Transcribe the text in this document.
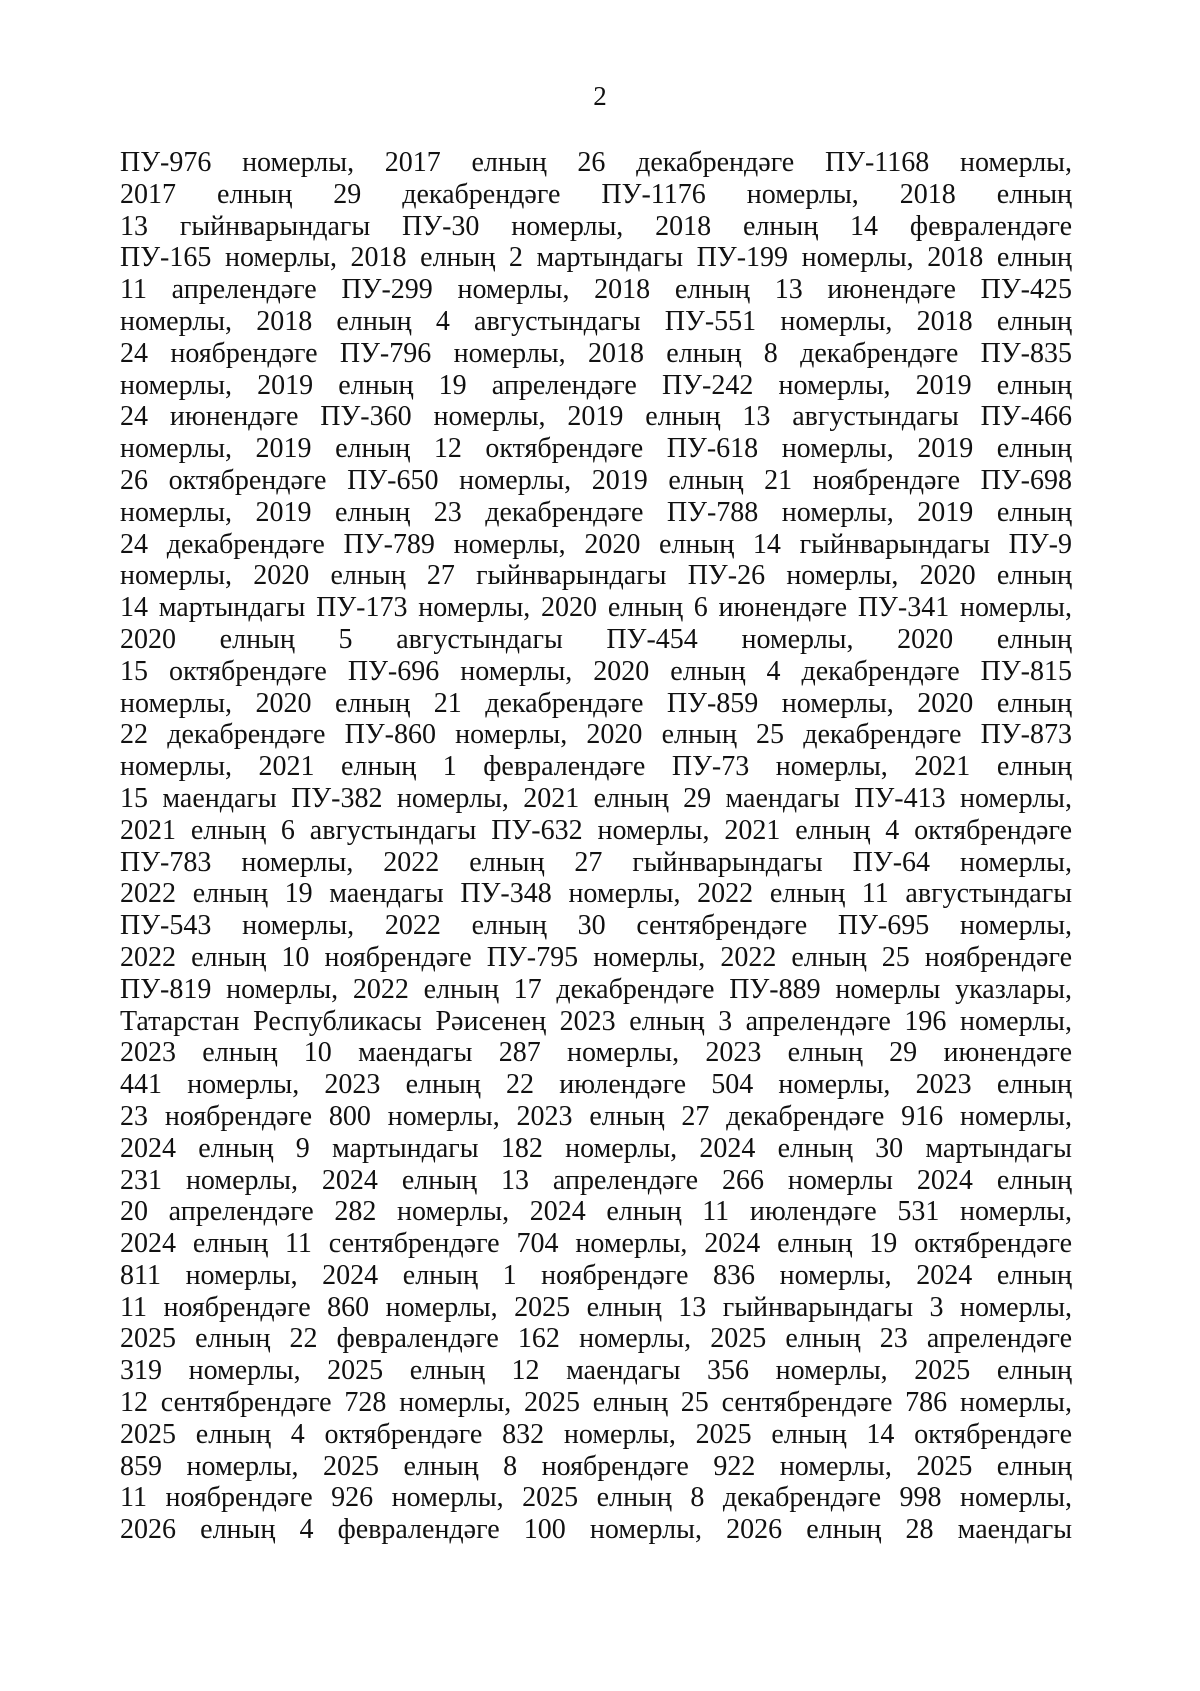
2
ПУ-976 номерлы, 2017 елның 26 декабрендәге ПУ-1168 номерлы,
2017 елның 29 декабрендәге ПУ-1176 номерлы, 2018 елның
13 гыйнварындагы ПУ-30 номерлы, 2018 елның 14 февралендәге
ПУ-165 номерлы, 2018 елның 2 мартындагы ПУ-199 номерлы, 2018 елның
11 апрелендәге ПУ-299 номерлы, 2018 елның 13 июнендәге ПУ-425
номерлы, 2018 елның 4 августындагы ПУ-551 номерлы, 2018 елның
24 ноябрендәге ПУ-796 номерлы, 2018 елның 8 декабрендәге ПУ-835
номерлы, 2019 елның 19 апрелендәге ПУ-242 номерлы, 2019 елның
24 июнендәге ПУ-360 номерлы, 2019 елның 13 августындагы ПУ-466
номерлы, 2019 елның 12 октябрендәге ПУ-618 номерлы, 2019 елның
26 октябрендәге ПУ-650 номерлы, 2019 елның 21 ноябрендәге ПУ-698
номерлы, 2019 елның 23 декабрендәге ПУ-788 номерлы, 2019 елның
24 декабрендәге ПУ-789 номерлы, 2020 елның 14 гыйнварындагы ПУ-9
номерлы, 2020 елның 27 гыйнварындагы ПУ-26 номерлы, 2020 елның
14 мартындагы ПУ-173 номерлы, 2020 елның 6 июнендәге ПУ-341 номерлы,
2020 елның 5 августындагы ПУ-454 номерлы, 2020 елның
15 октябрендәге ПУ-696 номерлы, 2020 елның 4 декабрендәге ПУ-815
номерлы, 2020 елның 21 декабрендәге ПУ-859 номерлы, 2020 елның
22 декабрендәге ПУ-860 номерлы, 2020 елның 25 декабрендәге ПУ-873
номерлы, 2021 елның 1 февралендәге ПУ-73 номерлы, 2021 елның
15 маендагы ПУ-382 номерлы, 2021 елның 29 маендагы ПУ-413 номерлы,
2021 елның 6 августындагы ПУ-632 номерлы, 2021 елның 4 октябрендәге
ПУ-783 номерлы, 2022 елның 27 гыйнварындагы ПУ-64 номерлы,
2022 елның 19 маендагы ПУ-348 номерлы, 2022 елның 11 августындагы
ПУ-543 номерлы, 2022 елның 30 сентябрендәге ПУ-695 номерлы,
2022 елның 10 ноябрендәге ПУ-795 номерлы, 2022 елның 25 ноябрендәге
ПУ-819 номерлы, 2022 елның 17 декабрендәге ПУ-889 номерлы указлары,
Татарстан Республикасы Рәисенең 2023 елның 3 апрелендәге 196 номерлы,
2023 елның 10 маендагы 287 номерлы, 2023 елның 29 июнендәге
441 номерлы, 2023 елның 22 июлендәге 504 номерлы, 2023 елның
23 ноябрендәге 800 номерлы, 2023 елның 27 декабрендәге 916 номерлы,
2024 елның 9 мартындагы 182 номерлы, 2024 елның 30 мартындагы
231 номерлы, 2024 елның 13 апрелендәге 266 номерлы 2024 елның
20 апрелендәге 282 номерлы, 2024 елның 11 июлендәге 531 номерлы,
2024 елның 11 сентябрендәге 704 номерлы, 2024 елның 19 октябрендәге
811 номерлы, 2024 елның 1 ноябрендәге 836 номерлы, 2024 елның
11 ноябрендәге 860 номерлы, 2025 елның 13 гыйнварындагы 3 номерлы,
2025 елның 22 февралендәге 162 номерлы, 2025 елның 23 апрелендәге
319 номерлы, 2025 елның 12 маендагы 356 номерлы, 2025 елның
12 сентябрендәге 728 номерлы, 2025 елның 25 сентябрендәге 786 номерлы,
2025 елның 4 октябрендәге 832 номерлы, 2025 елның 14 октябрендәге
859 номерлы, 2025 елның 8 ноябрендәге 922 номерлы, 2025 елның
11 ноябрендәге 926 номерлы, 2025 елның 8 декабрендәге 998 номерлы,
2026 елның 4 февралендәге 100 номерлы, 2026 елның 28 маендагы
